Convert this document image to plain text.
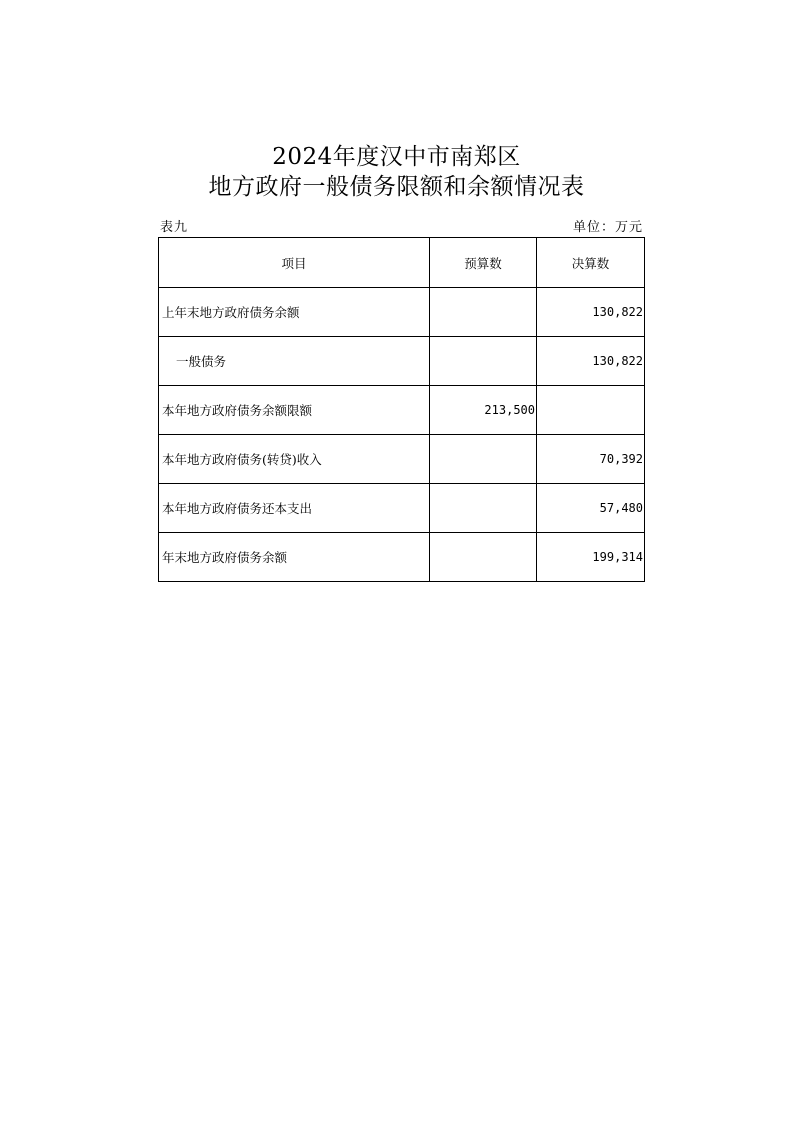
2024年度汉中市南郑区
地方政府一般债务限额和余额情况表
表九	单位：万元
项目	预算数	决算数
上年末地方政府债务余额		130,822
一般债务		130,822
本年地方政府债务余额限额	213,500	
本年地方政府债务(转贷)收入		70,392
本年地方政府债务还本支出		57,480
年末地方政府债务余额		199,314
